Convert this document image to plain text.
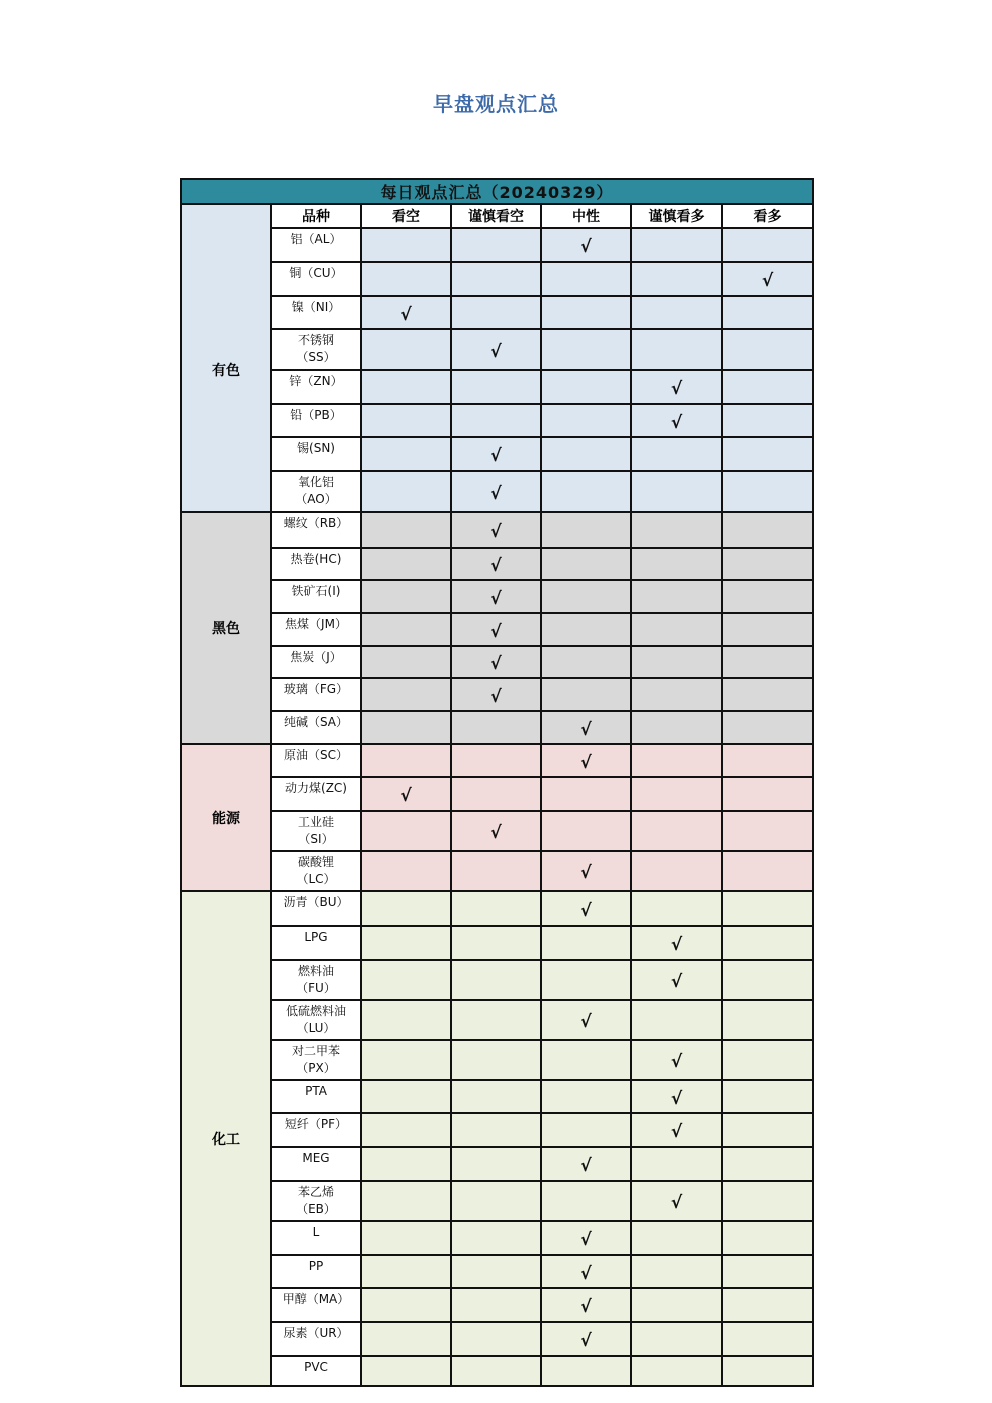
早盘观点汇总
每日观点汇总（20240329）						
	品种	看空	谨慎看空	中性	谨慎看多	看多
有色	铝（AL）			√		
	铜（CU）					√
	镍（NI）	√				
	不锈钢
（SS）		√			
	锌（ZN）				√	
	铅（PB）				√	
	锡(SN)		√			
	氧化铝
（AO）		√			
黑色	螺纹（RB）		√			
	热卷(HC)		√			
	铁矿石(I)		√			
	焦煤（JM）		√			
	焦炭（J）		√			
	玻璃（FG）		√			
	纯碱（SA）			√		
能源	原油（SC）			√		
	动力煤(ZC)	√				
	工业硅
（SI）		√			
	碳酸锂
（LC）			√		
化工	沥青（BU）			√		
	LPG				√	
	燃料油
（FU）				√	
	低硫燃料油
（LU）			√		
	对二甲苯
（PX）				√	
	PTA				√	
	短纤（PF）				√	
	MEG			√		
	苯乙烯
（EB）				√	
	L			√		
	PP			√		
	甲醇（MA）			√		
	尿素（UR）			√		
	PVC					
